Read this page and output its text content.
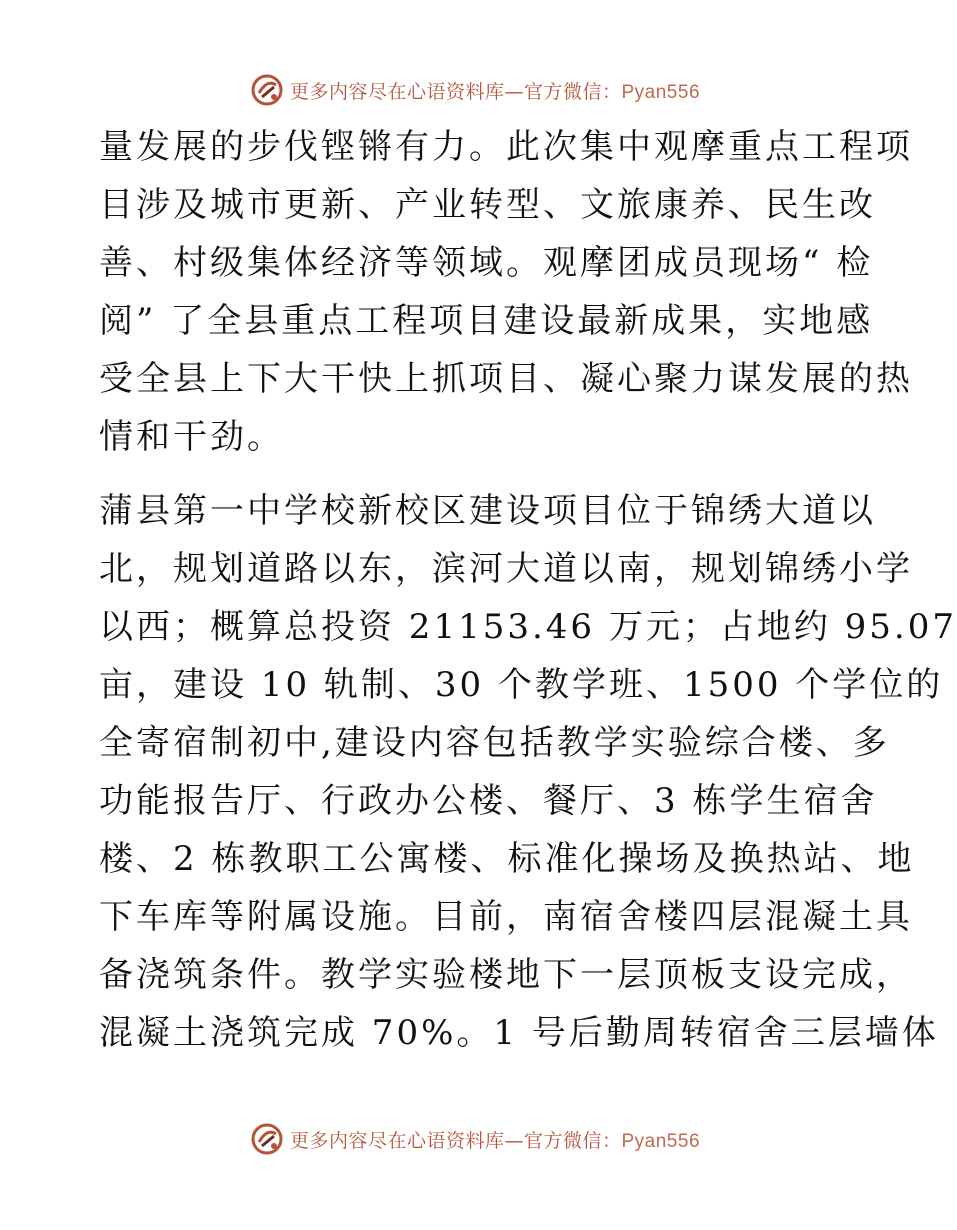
更多内容尽在心语资料库—官方微信：Pyan556

量发展的步伐铿锵有力。此次集中观摩重点工程项
目涉及城市更新、产业转型、文旅康养、民生改
善、村级集体经济等领域。观摩团成员现场“ 检
阅” 了全县重点工程项目建设最新成果，实地感
受全县上下大干快上抓项目、凝心聚力谋发展的热
情和干劲。

蒲县第一中学校新校区建设项目位于锦绣大道以
北，规划道路以东，滨河大道以南，规划锦绣小学
以西；概算总投资 21153.46 万元；占地约 95.07
亩，建设 10 轨制、30 个教学班、1500 个学位的
全寄宿制初中,建设内容包括教学实验综合楼、多
功能报告厅、行政办公楼、餐厅、3 栋学生宿舍
楼、2 栋教职工公寓楼、标准化操场及换热站、地
下车库等附属设施。目前，南宿舍楼四层混凝土具
备浇筑条件。教学实验楼地下一层顶板支设完成，
混凝土浇筑完成 70%。1 号后勤周转宿舍三层墙体

更多内容尽在心语资料库—官方微信：Pyan556
